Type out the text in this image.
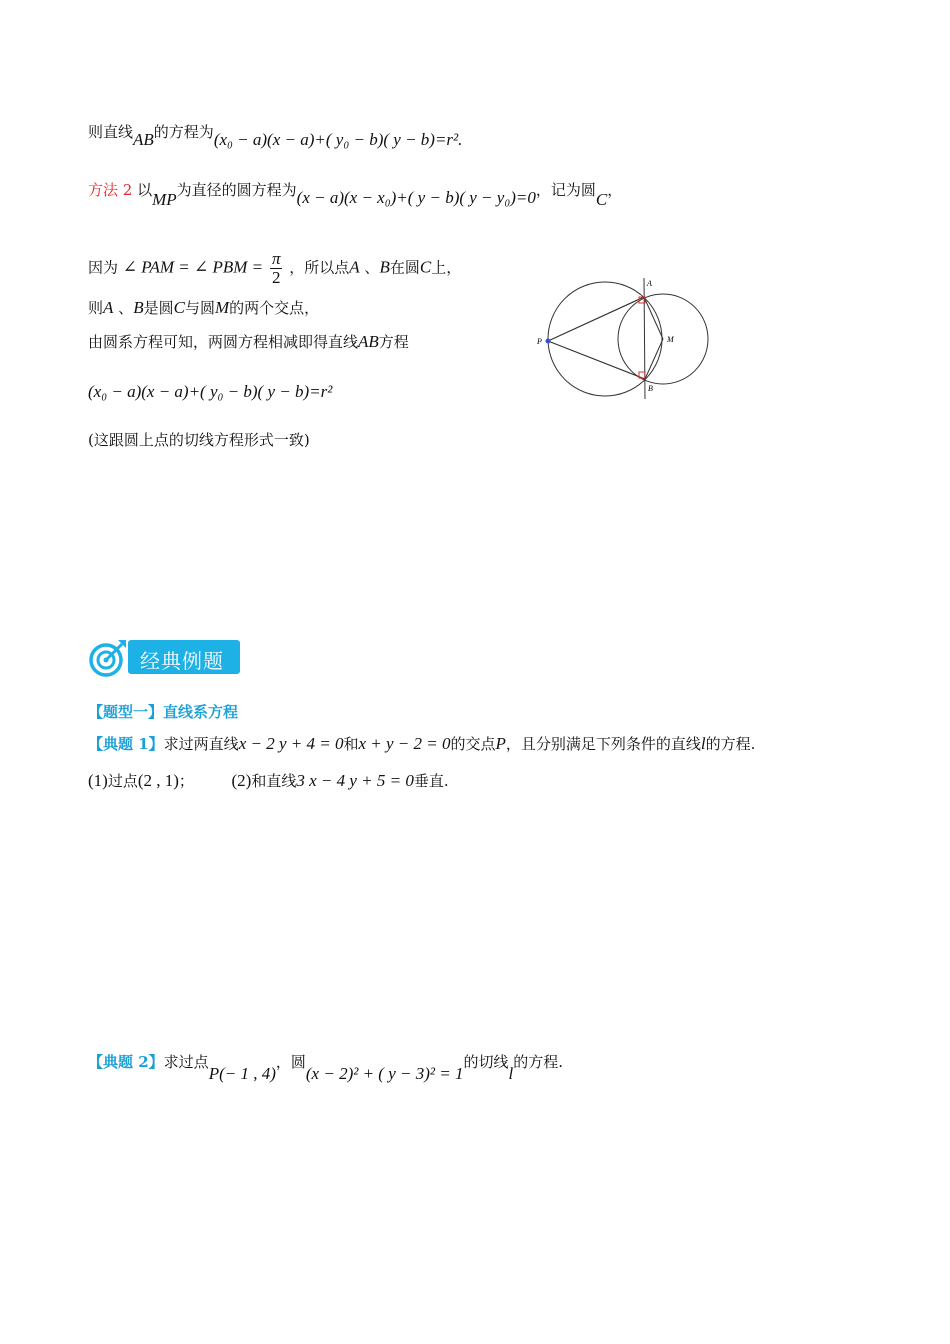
则直线AB的方程为(x₀ − a)(x − a)+( y₀ − b)( y − b)=r².
方法 2 以MP为直径的圆方程为(x − a)(x − x₀)+( y − b)( y − y₀)=0，记为圆C，
因为 ∠ PAM = ∠ PBM = $\frac{\pi}{2}$ ，所以点A 、B在圆C上，
则A 、B是圆C与圆M的两个交点，
由圆系方程可知，两圆方程相减即得直线AB方程
(x₀ − a)(x − a)+( y₀ − b)( y − b)=r²
(这跟圆上点的切线方程形式一致)
A
B
P	M
经典例题
【题型一】直线系方程
【典题 1】求过两直线x − 2 y + 4 = 0和x + y − 2 = 0的交点P，且分别满足下列条件的直线l的方程.
(1)过点(2 , 1)； (2)和直线3 x − 4 y + 5 = 0垂直.
【典题 2】求过点P(− 1 , 4)，圆(x − 2)² + ( y − 3)² = 1的切线l的方程.
